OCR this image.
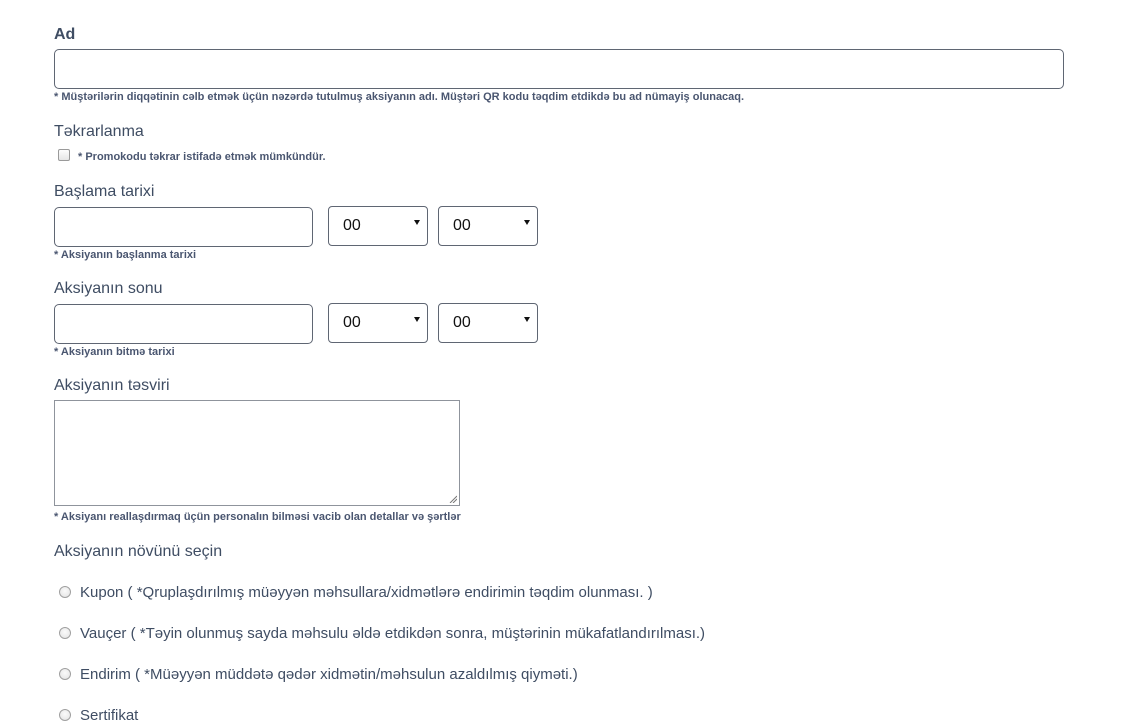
Ad
* Müştərilərin diqqətinin cəlb etmək üçün nəzərdə tutulmuş aksiyanın adı. Müştəri QR kodu təqdim etdikdə bu ad nümayiş olunacaq.
Təkrarlanma
* Promokodu təkrar istifadə etmək mümkündür.
Başlama tarixi
00	00
* Aksiyanın başlanma tarixi
Aksiyanın sonu
00	00
* Aksiyanın bitmə tarixi
Aksiyanın təsviri
* Aksiyanı reallaşdırmaq üçün personalın bilməsi vacib olan detallar və şərtlər
Aksiyanın növünü seçin
Kupon ( *Qruplaşdırılmış müəyyən məhsullara/xidmətlərə endirimin təqdim olunması. )
Vauçer ( *Təyin olunmuş sayda məhsulu əldə etdikdən sonra, müştərinin mükafatlandırılması.)
Endirim ( *Müəyyən müddətə qədər xidmətin/məhsulun azaldılmış qiyməti.)
Sertifikat
